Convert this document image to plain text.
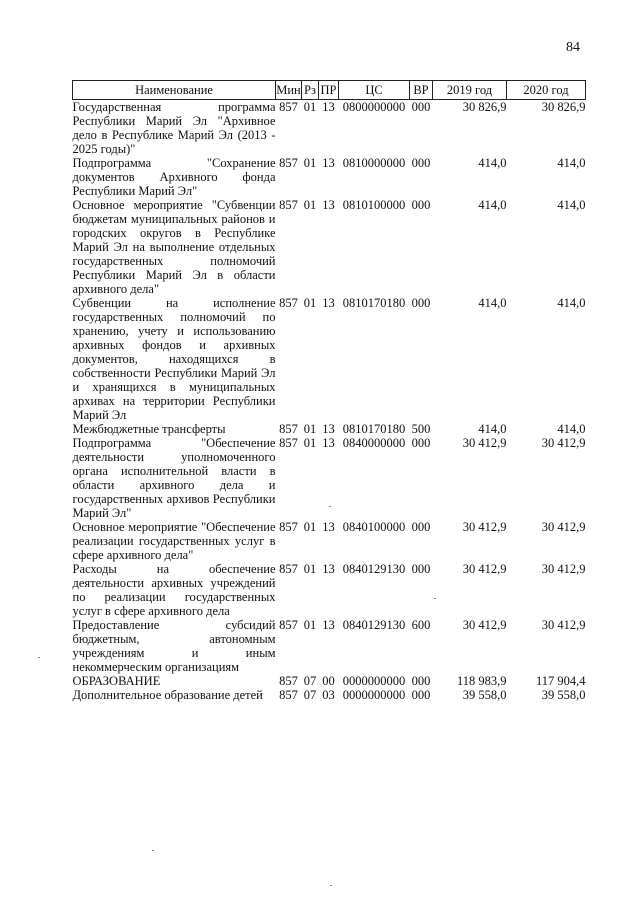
84
Наименование	Мин	Рз	ПР	ЦС	ВР	2019 год	2020 год
Государственная программа Республики Марий Эл "Архивное дело в Республике Марий Эл (2013 - 2025 годы)"	857	01	13	0800000000	000	30 826,9	30 826,9
Подпрограмма "Сохранение документов Архивного фонда Республики Марий Эл"	857	01	13	0810000000	000	414,0	414,0
Основное мероприятие "Субвенции бюджетам муниципальных районов и городских округов в Республике Марий Эл на выполнение отдельных государственных полномочий Республики Марий Эл в области архивного дела"	857	01	13	0810100000	000	414,0	414,0
Субвенции на исполнение государственных полномочий по хранению, учету и использованию архивных фондов и архивных документов, находящихся в собственности Республики Марий Эл и хранящихся в муниципальных архивах на территории Республики Марий Эл	857	01	13	0810170180	000	414,0	414,0
Межбюджетные трансферты	857	01	13	0810170180	500	414,0	414,0
Подпрограмма "Обеспечение деятельности уполномоченного органа исполнительной власти в области архивного дела и государственных архивов Республики Марий Эл"	857	01	13	0840000000	000	30 412,9	30 412,9
Основное мероприятие "Обеспечение реализации государственных услуг в сфере архивного дела"	857	01	13	0840100000	000	30 412,9	30 412,9
Расходы на обеспечение деятельности архивных учреждений по реализации государственных услуг в сфере архивного дела	857	01	13	0840129130	000	30 412,9	30 412,9
Предоставление субсидий бюджетным, автономным учреждениям и иным некоммерческим организациям	857	01	13	0840129130	600	30 412,9	30 412,9
ОБРАЗОВАНИЕ	857	07	00	0000000000	000	118 983,9	117 904,4
Дополнительное образование детей	857	07	03	0000000000	000	39 558,0	39 558,0
